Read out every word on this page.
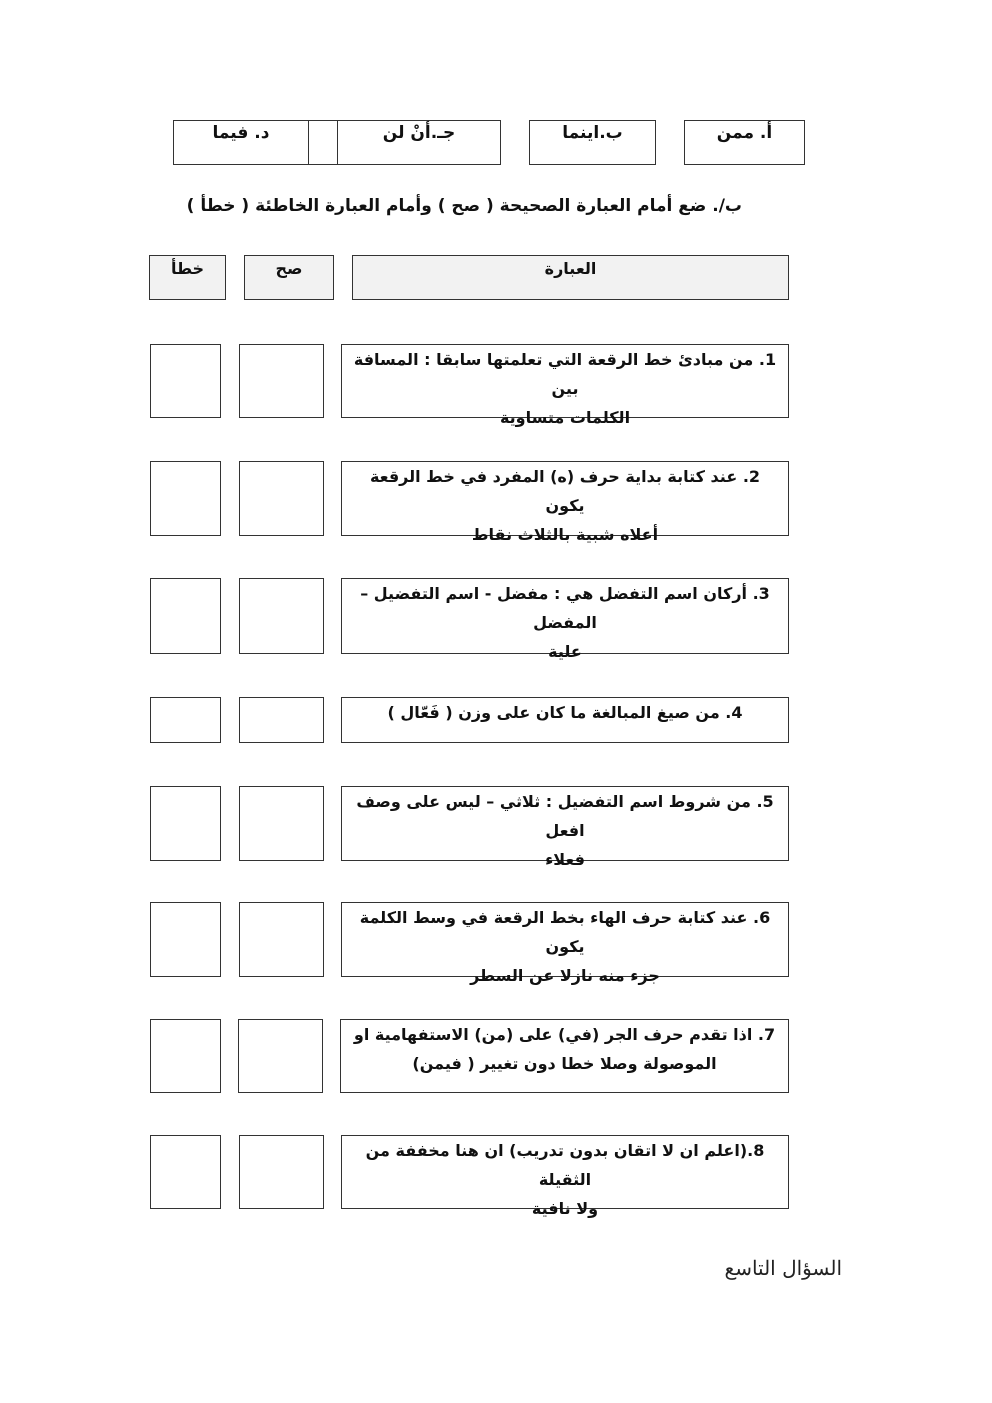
أ. ممن
ب.اينما
جـ.أنْ لن
د. فيما
ب/. ضع أمام العبارة الصحيحة ( صح ) وأمام العبارة الخاطئة ( خطأ )
العبارة
صح
خطأ
1. من مبادئ خط الرقعة التي تعلمتها سابقا : المسافة بين
الكلمات متساوية
2. عند كتابة بداية حرف (ه) المفرد في خط الرقعة يكون
أعلاه شبية بالثلاث نقاط
3. أركان اسم التفضل هي : مفضل - اسم التفضيل –المفضل
علية
4. من صيغ المبالغة ما كان على وزن ( فَعّال )
5. من شروط اسم التفضيل : ثلاثي – ليس على وصف افعل
فعلاء
6. عند كتابة حرف الهاء بخط الرقعة في وسط الكلمة يكون
جزء منه نازلا عن السطر
7. اذا تقدم حرف الجر (في) على (من) الاستفهامية او
الموصولة وصلا خطا دون تغيير ( فيمن)
8.(اعلم ان لا اتقان بدون تدريب) ان هنا مخففة من الثقيلة
ولا نافية
السؤال التاسع
